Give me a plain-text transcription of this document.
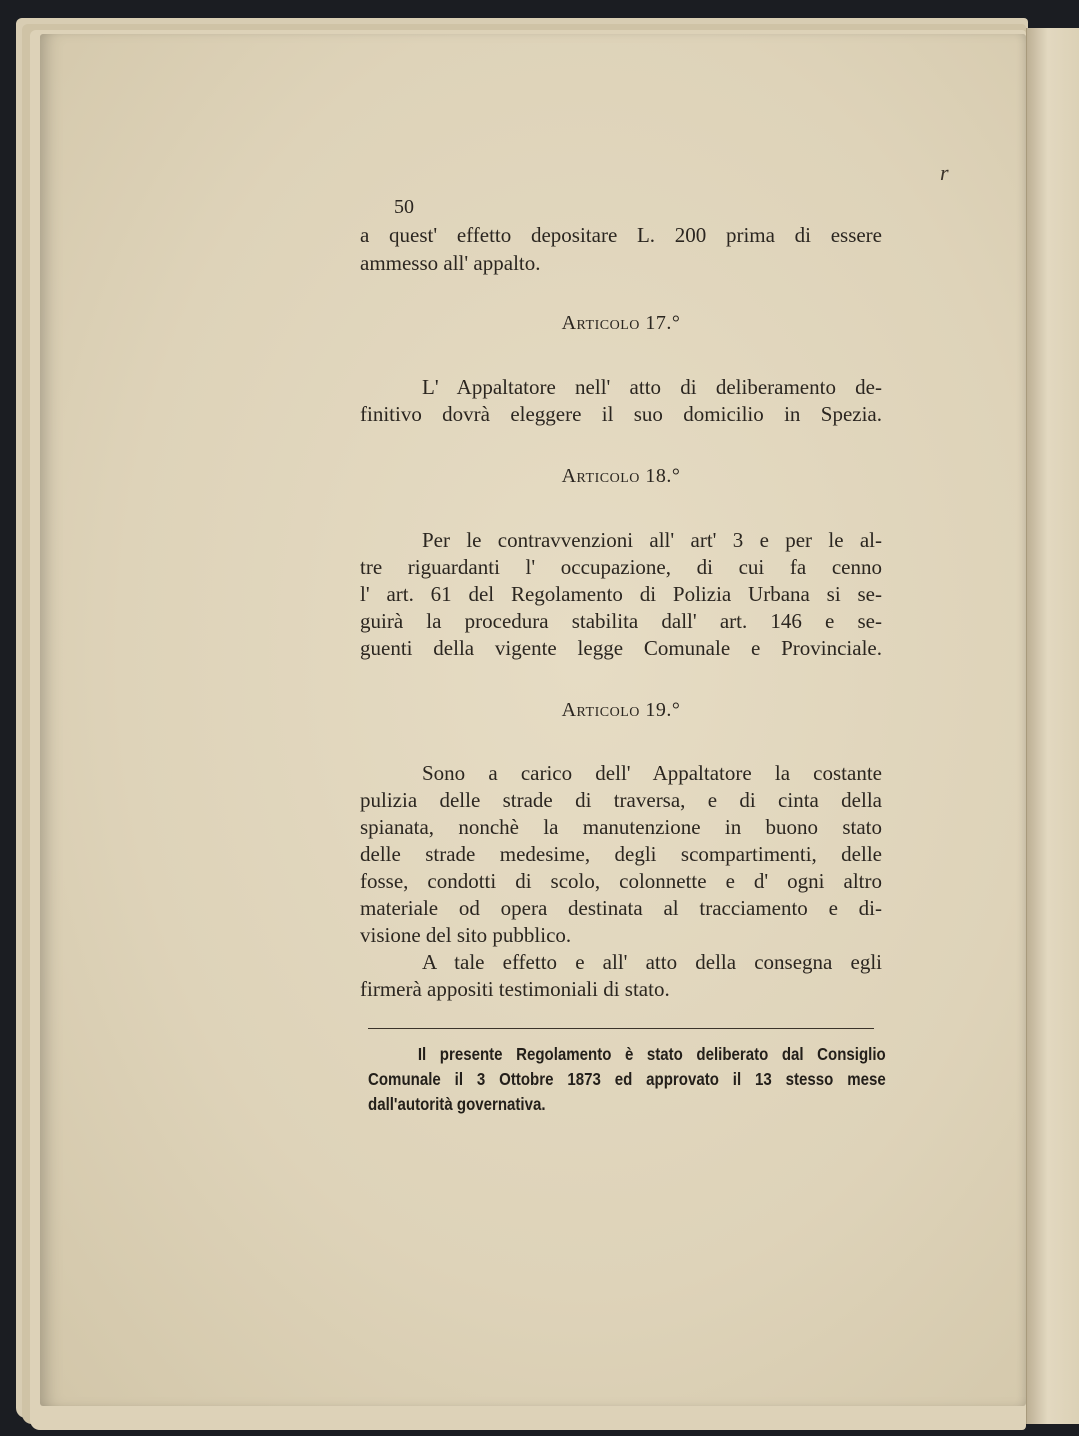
r
50
a quest' effetto depositare L. 200 prima di essere
ammesso all' appalto.
Articolo 17.°
L' Appaltatore nell' atto di deliberamento de-
finitivo dovrà eleggere il suo domicilio in Spezia.
Articolo 18.°
Per le contravvenzioni all' art' 3 e per le al-
tre riguardanti l' occupazione, di cui fa cenno
l' art. 61 del Regolamento di Polizia Urbana si se-
guirà la procedura stabilita dall' art. 146 e se-
guenti della vigente legge Comunale e Provinciale.
Articolo 19.°
Sono a carico dell' Appaltatore la costante
pulizia delle strade di traversa, e di cinta della
spianata, nonchè la manutenzione in buono stato
delle strade medesime, degli scompartimenti, delle
fosse, condotti di scolo, colonnette e d' ogni altro
materiale od opera destinata al tracciamento e di-
visione del sito pubblico.
A tale effetto e all' atto della consegna egli
firmerà appositi testimoniali di stato.
Il presente Regolamento è stato deliberato dal Consiglio
Comunale il 3 Ottobre 1873 ed approvato il 13 stesso mese
dall'autorità governativa.
